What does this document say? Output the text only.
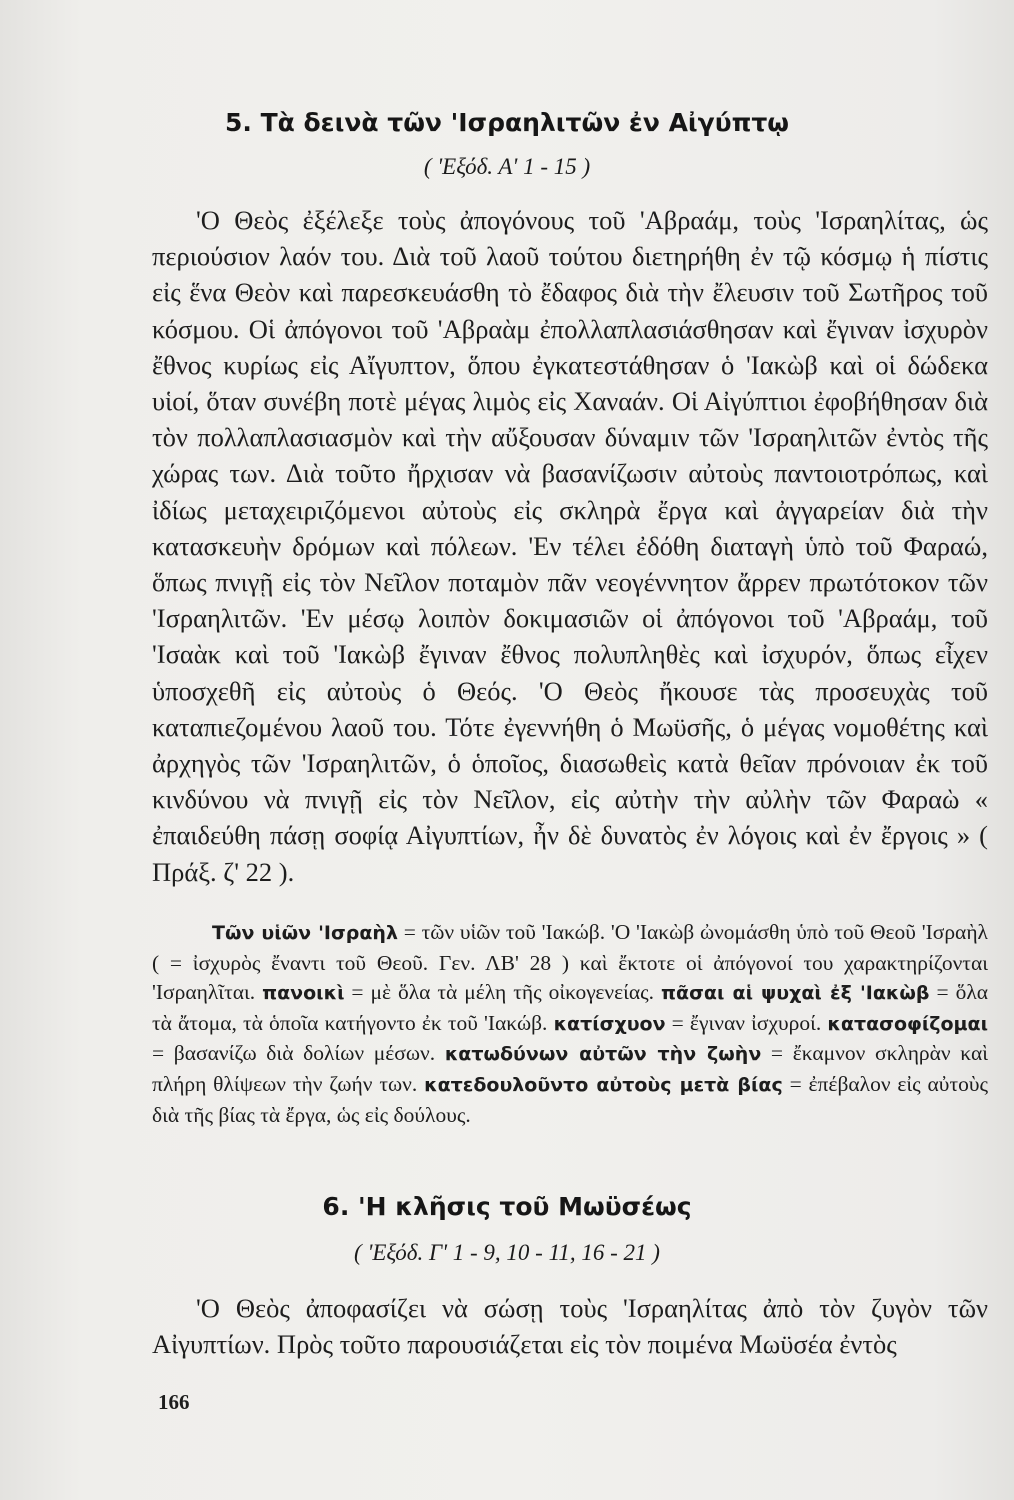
5. Τὰ δεινὰ τῶν 'Ισραηλιτῶν ἐν Αἰγύπτῳ
( 'Εξόδ. Α' 1 - 15 )

'Ο Θεὸς ἐξέλεξε τοὺς ἀπογόνους τοῦ 'Αβραάμ, τοὺς 'Ισραηλίτας, ὡς περιούσιον λαόν του. Διὰ τοῦ λαοῦ τούτου διετηρήθη ἐν τῷ κόσμῳ ἡ πίστις εἰς ἕνα Θεὸν καὶ παρεσκευάσθη τὸ ἔδαφος διὰ τὴν ἔλευσιν τοῦ Σωτῆρος τοῦ κόσμου. Οἱ ἀπόγονοι τοῦ 'Αβραὰμ ἐπολλαπλασιάσθησαν καὶ ἔγιναν ἰσχυρὸν ἔθνος κυρίως εἰς Αἴγυπτον, ὅπου ἐγκατεστάθησαν ὁ 'Ιακὼβ καὶ οἱ δώδεκα υἱοί, ὅταν συνέβη ποτὲ μέγας λιμὸς εἰς Χαναάν. Οἱ Αἰγύπτιοι ἐφοβήθησαν διὰ τὸν πολλαπλασιασμὸν καὶ τὴν αὔξουσαν δύναμιν τῶν 'Ισραηλιτῶν ἐντὸς τῆς χώρας των. Διὰ τοῦτο ἤρχισαν νὰ βασανίζωσιν αὐτοὺς παντοιοτρόπως, καὶ ἰδίως μεταχειριζόμενοι αὐτοὺς εἰς σκληρὰ ἔργα καὶ ἀγγαρείαν διὰ τὴν κατασκευὴν δρόμων καὶ πόλεων. 'Εν τέλει ἐδόθη διαταγὴ ὑπὸ τοῦ Φαραώ, ὅπως πνιγῇ εἰς τὸν Νεῖλον ποταμὸν πᾶν νεογέννητον ἄρρεν πρωτότοκον τῶν 'Ισραηλιτῶν. 'Εν μέσῳ λοιπὸν δοκιμασιῶν οἱ ἀπόγονοι τοῦ 'Αβραάμ, τοῦ 'Ισαὰκ καὶ τοῦ 'Ιακὼβ ἔγιναν ἔθνος πολυπληθὲς καὶ ἰσχυρόν, ὅπως εἶχεν ὑποσχεθῆ εἰς αὐτοὺς ὁ Θεός. 'Ο Θεὸς ἤκουσε τὰς προσευχὰς τοῦ καταπιεζομένου λαοῦ του. Τότε ἐγεννήθη ὁ Μωϋσῆς, ὁ μέγας νομοθέτης καὶ ἀρχηγὸς τῶν 'Ισραηλιτῶν, ὁ ὁποῖος, διασωθεὶς κατὰ θεῖαν πρόνοιαν ἐκ τοῦ κινδύνου νὰ πνιγῇ εἰς τὸν Νεῖλον, εἰς αὐτὴν τὴν αὐλὴν τῶν Φαραὼ « ἐπαιδεύθη πάσῃ σοφίᾳ Αἰγυπτίων, ἦν δὲ δυνατὸς ἐν λόγοις καὶ ἐν ἔργοις » ( Πράξ. ζ' 22 ).

Τῶν υἱῶν 'Ισραὴλ = τῶν υἱῶν τοῦ 'Ιακώβ. 'Ο 'Ιακὼβ ὠνομάσθη ὑπὸ τοῦ Θεοῦ 'Ισραὴλ ( = ἰσχυρὸς ἔναντι τοῦ Θεοῦ. Γεν. ΛΒ' 28 ) καὶ ἔκτοτε οἱ ἀπόγονοί του χαρακτηρίζονται 'Ισραηλῖται. πανοικὶ = μὲ ὅλα τὰ μέλη τῆς οἰκογενείας. πᾶσαι αἱ ψυχαὶ ἐξ 'Ιακὼβ = ὅλα τὰ ἄτομα, τὰ ὁποῖα κατήγοντο ἐκ τοῦ 'Ιακώβ. κατίσχυον = ἔγιναν ἰσχυροί. κατασοφίζομαι = βασανίζω διὰ δολίων μέσων. κατωδύνων αὐτῶν τὴν ζωὴν = ἔκαμνον σκληρὰν καὶ πλήρη θλίψεων τὴν ζωήν των. κατεδουλοῦντο αὐτοὺς μετὰ βίας = ἐπέβαλον εἰς αὐτοὺς διὰ τῆς βίας τὰ ἔργα, ὡς εἰς δούλους.

6. 'Η κλῆσις τοῦ Μωϋσέως
( 'Εξόδ. Γ' 1 - 9, 10 - 11, 16 - 21 )

'Ο Θεὸς ἀποφασίζει νὰ σώσῃ τοὺς 'Ισραηλίτας ἀπὸ τὸν ζυγὸν τῶν Αἰγυπτίων. Πρὸς τοῦτο παρουσιάζεται εἰς τὸν ποιμένα Μωϋσέα ἐντὸς

166
